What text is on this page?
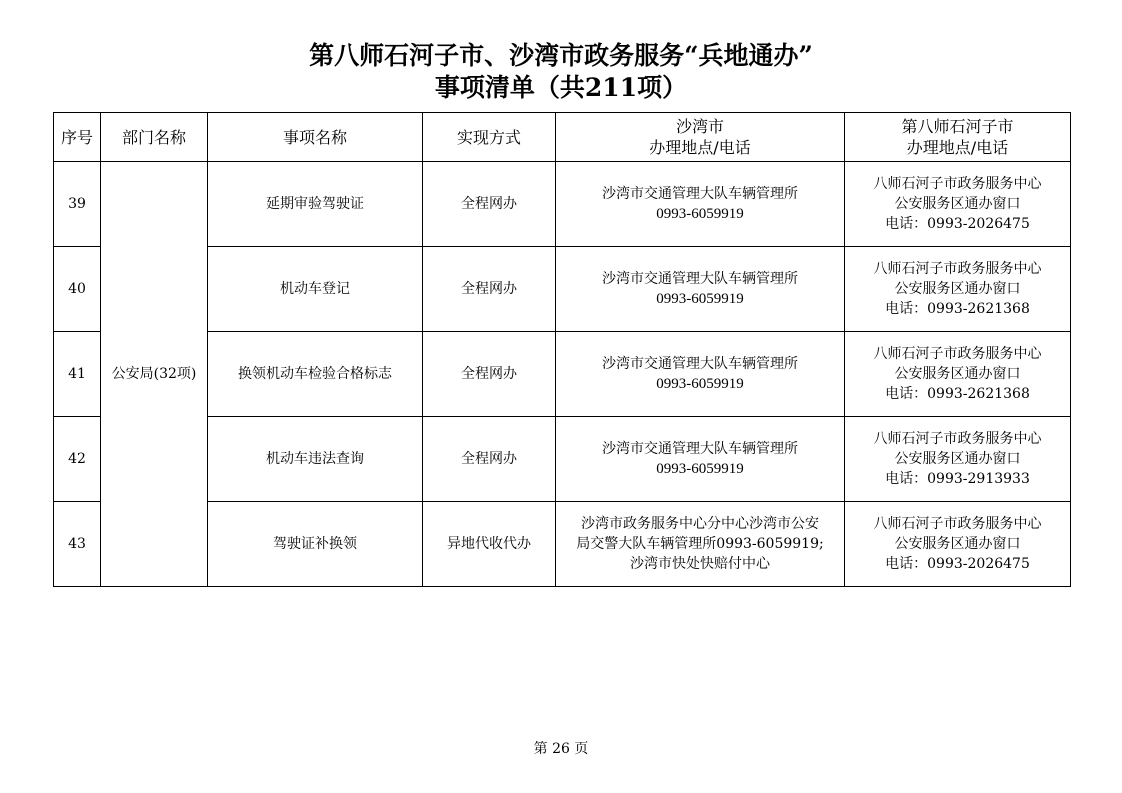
第八师石河子市、沙湾市政务服务“兵地通办”
事项清单（共211项）
序号	部门名称	事项名称	实现方式	沙湾市
办理地点/电话	第八师石河子市
办理地点/电话

39	公安局(32项)	延期审验驾驶证	全程网办	沙湾市交通管理大队车辆管理所
0993-6059919	八师石河子市政务服务中心
公安服务区通办窗口
电话：0993-2026475

40		机动车登记	全程网办	沙湾市交通管理大队车辆管理所
0993-6059919	八师石河子市政务服务中心
公安服务区通办窗口
电话：0993-2621368

41		换领机动车检验合格标志	全程网办	沙湾市交通管理大队车辆管理所
0993-6059919	八师石河子市政务服务中心
公安服务区通办窗口
电话：0993-2621368

42		机动车违法查询	全程网办	沙湾市交通管理大队车辆管理所
0993-6059919	八师石河子市政务服务中心
公安服务区通办窗口
电话：0993-2913933

43		驾驶证补换领	异地代收代办	沙湾市政务服务中心分中心沙湾市公安
局交警大队车辆管理所0993-6059919;
沙湾市快处快赔付中心	八师石河子市政务服务中心
公安服务区通办窗口
电话：0993-2026475
第 26 页
